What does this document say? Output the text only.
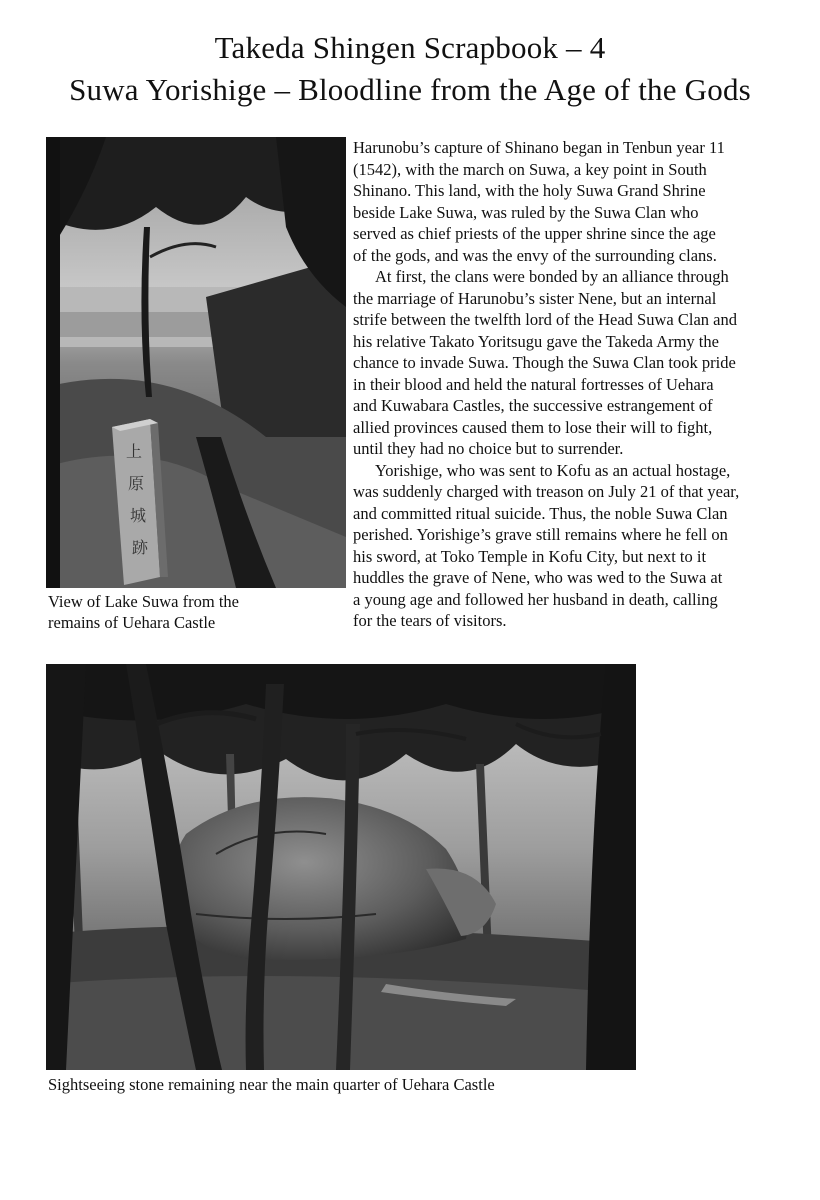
Takeda Shingen Scrapbook – 4
Suwa Yorishige – Bloodline from the Age of the Gods
上
原
城
跡
View of Lake Suwa from the
remains of Uehara Castle

Harunobu’s capture of Shinano began in Tenbun year 11
(1542), with the march on Suwa, a key point in South
Shinano. This land, with the holy Suwa Grand Shrine
beside Lake Suwa, was ruled by the Suwa Clan who
served as chief priests of the upper shrine since the age
of the gods, and was the envy of the surrounding clans.

At first, the clans were bonded by an alliance through
the marriage of Harunobu’s sister Nene, but an internal
strife between the twelfth lord of the Head Suwa Clan and
his relative Takato Yoritsugu gave the Takeda Army the
chance to invade Suwa. Though the Suwa Clan took pride
in their blood and held the natural fortresses of Uehara
and Kuwabara Castles, the successive estrangement of
allied provinces caused them to lose their will to fight,
until they had no choice but to surrender.

Yorishige, who was sent to Kofu as an actual hostage,
was suddenly charged with treason on July 21 of that year,
and committed ritual suicide. Thus, the noble Suwa Clan
perished. Yorishige’s grave still remains where he fell on
his sword, at Toko Temple in Kofu City, but next to it
huddles the grave of Nene, who was wed to the Suwa at
a young age and followed her husband in death, calling
for the tears of visitors.

Sightseeing stone remaining near the main quarter of Uehara Castle
